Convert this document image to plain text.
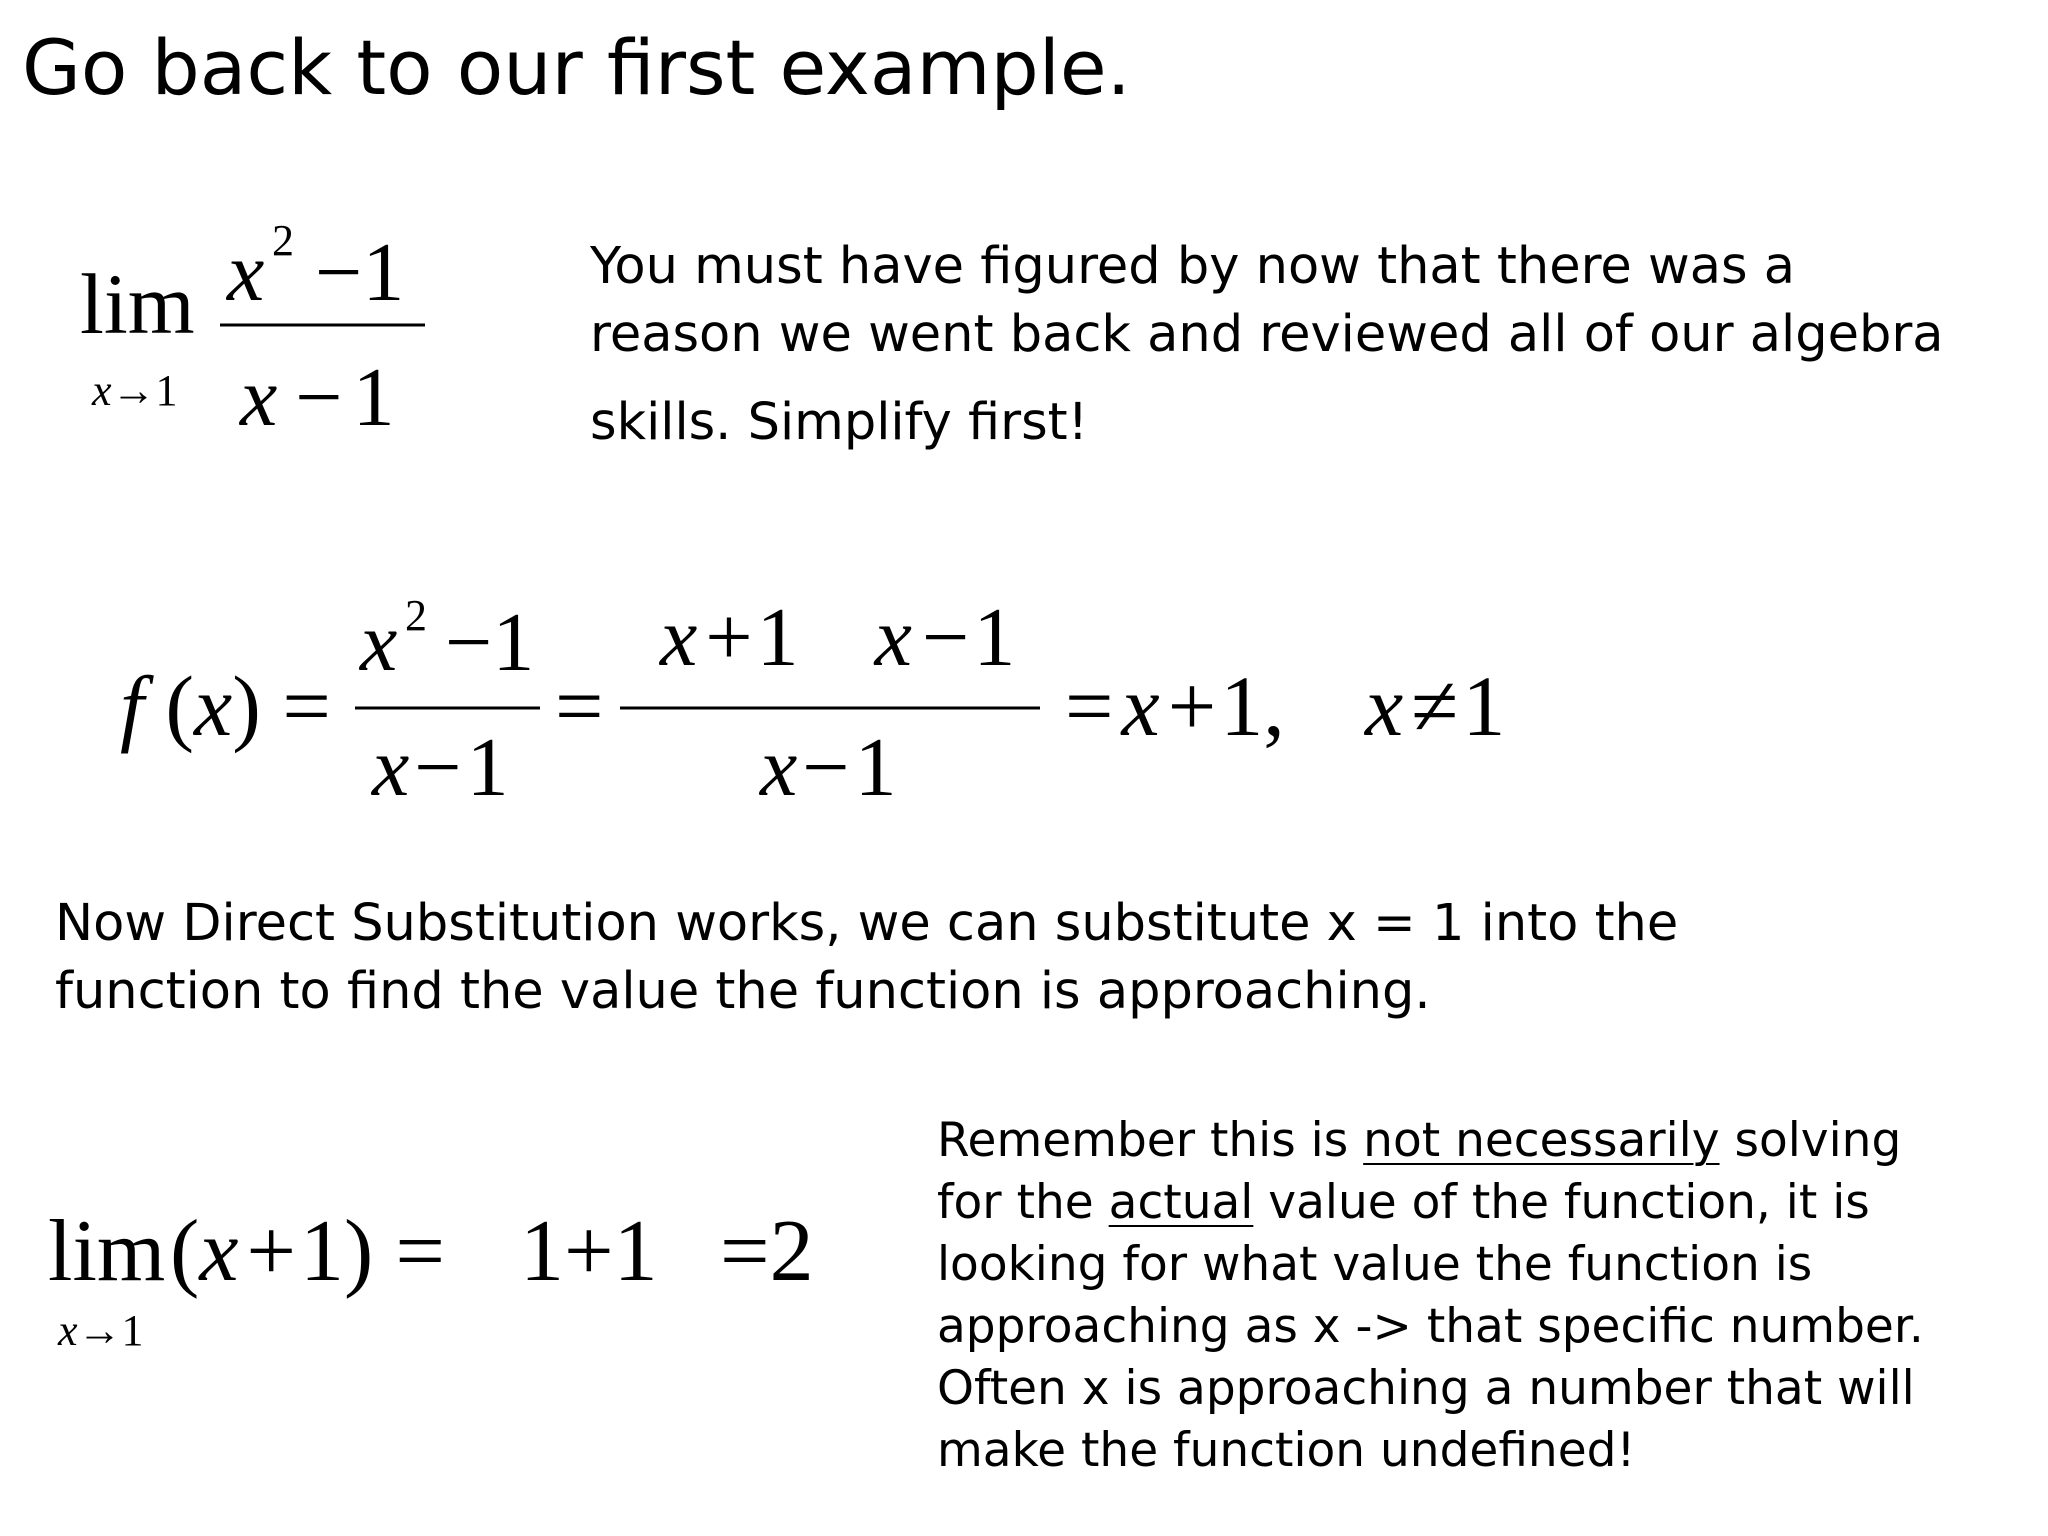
Go back to our first example.
lim
x→1
x 2 −1
x − 1
You must have figured by now that there was a
reason we went back and reviewed all of our algebra
skills. Simplify first!
f (x) =
x 2 −1
x−1
=
x+1 x −1
x−1
=x+1, x≠1
Now Direct Substitution works, we can substitute x = 1 into the
function to find the value the function is approaching.
lim
x→1
(x+1) = 1+1 =2
Remember this is not necessarily solving
for the actual value of the function, it is
looking for what value the function is
approaching as x -> that specific number.
Often x is approaching a number that will
make the function undefined!
